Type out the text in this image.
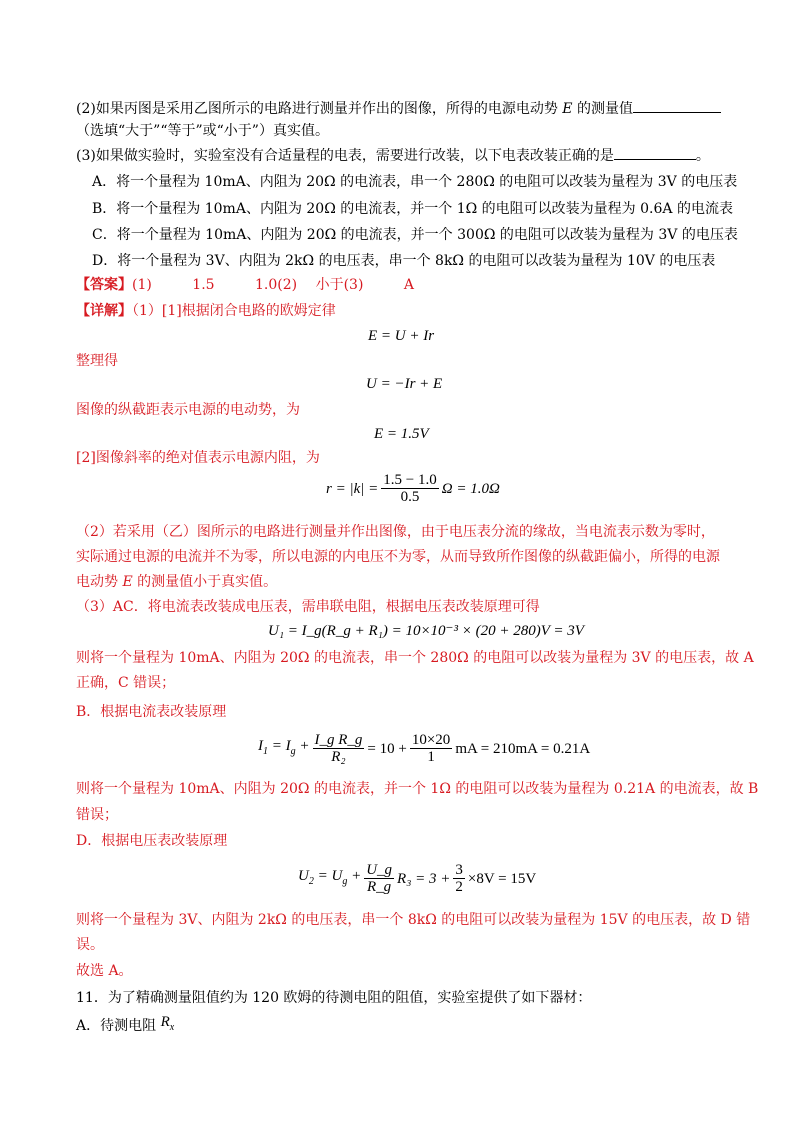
(2)如果丙图是采用乙图所示的电路进行测量并作出的图像，所得的电源电动势 E 的测量值
（选填“大于”“等于”或“小于”）真实值。
(3)如果做实验时，实验室没有合适量程的电表，需要进行改装，以下电表改装正确的是	。
A．将一个量程为 10mA、内阻为 20Ω 的电流表，串一个 280Ω 的电阻可以改装为量程为 3V 的电压表
B．将一个量程为 10mA、内阻为 20Ω 的电流表，并一个 1Ω 的电阻可以改装为量程为 0.6A 的电流表
C．将一个量程为 10mA、内阻为 20Ω 的电流表，并一个 300Ω 的电阻可以改装为量程为 3V 的电压表
D．将一个量程为 3V、内阻为 2kΩ 的电压表，串一个 8kΩ 的电阻可以改装为量程为 10V 的电压表
【答案】(1)	1.5	1.0(2) 小于(3)	A
【详解】（1）[1]根据闭合电路的欧姆定律
E = U + Ir
整理得
U = −Ir + E
图像的纵截距表示电源的电动势，为
E = 1.5V
[2]图像斜率的绝对值表示电源内阻，为
$r = |k| = \frac{1.5 - 1.0}{0.5}$ Ω = 1.0Ω
（2）若采用（乙）图所示的电路进行测量并作出图像，由于电压表分流的缘故，当电流表示数为零时，
实际通过电源的电流并不为零，所以电源的内电压不为零，从而导致所作图像的纵截距偏小，所得的电源
电动势 E 的测量值小于真实值。
（3）AC．将电流表改装成电压表，需串联电阻，根据电压表改装原理可得
U₁ = I_g(R_g + R₁) = 10×10⁻³ × (20 + 280)V = 3V
则将一个量程为 10mA、内阻为 20Ω 的电流表，串一个 280Ω 的电阻可以改装为量程为 3V 的电压表，故 A
正确，C 错误；
B．根据电流表改装原理
$I_1 = I_g + \frac{\text{I\_g R\_g}}{\text{R₂}} = 10 + \frac{10\times 20}{1}$ mA = 210mA = 0.21A
则将一个量程为 10mA、内阻为 20Ω 的电流表，并一个 1Ω 的电阻可以改装为量程为 0.21A 的电流表，故 B
错误；
D．根据电压表改装原理
$U_2 = U_g + \frac{U\_g}{R\_g} R_3 = 3 + \frac{3}{2} \times 8V = 15V$
则将一个量程为 3V、内阻为 2kΩ 的电压表，串一个 8kΩ 的电阻可以改装为量程为 15V 的电压表，故 D 错
误。
故选 A。
11．为了精确测量阻值约为 120 欧姆的待测电阻的阻值，实验室提供了如下器材：
A．待测电阻 $R_x$
